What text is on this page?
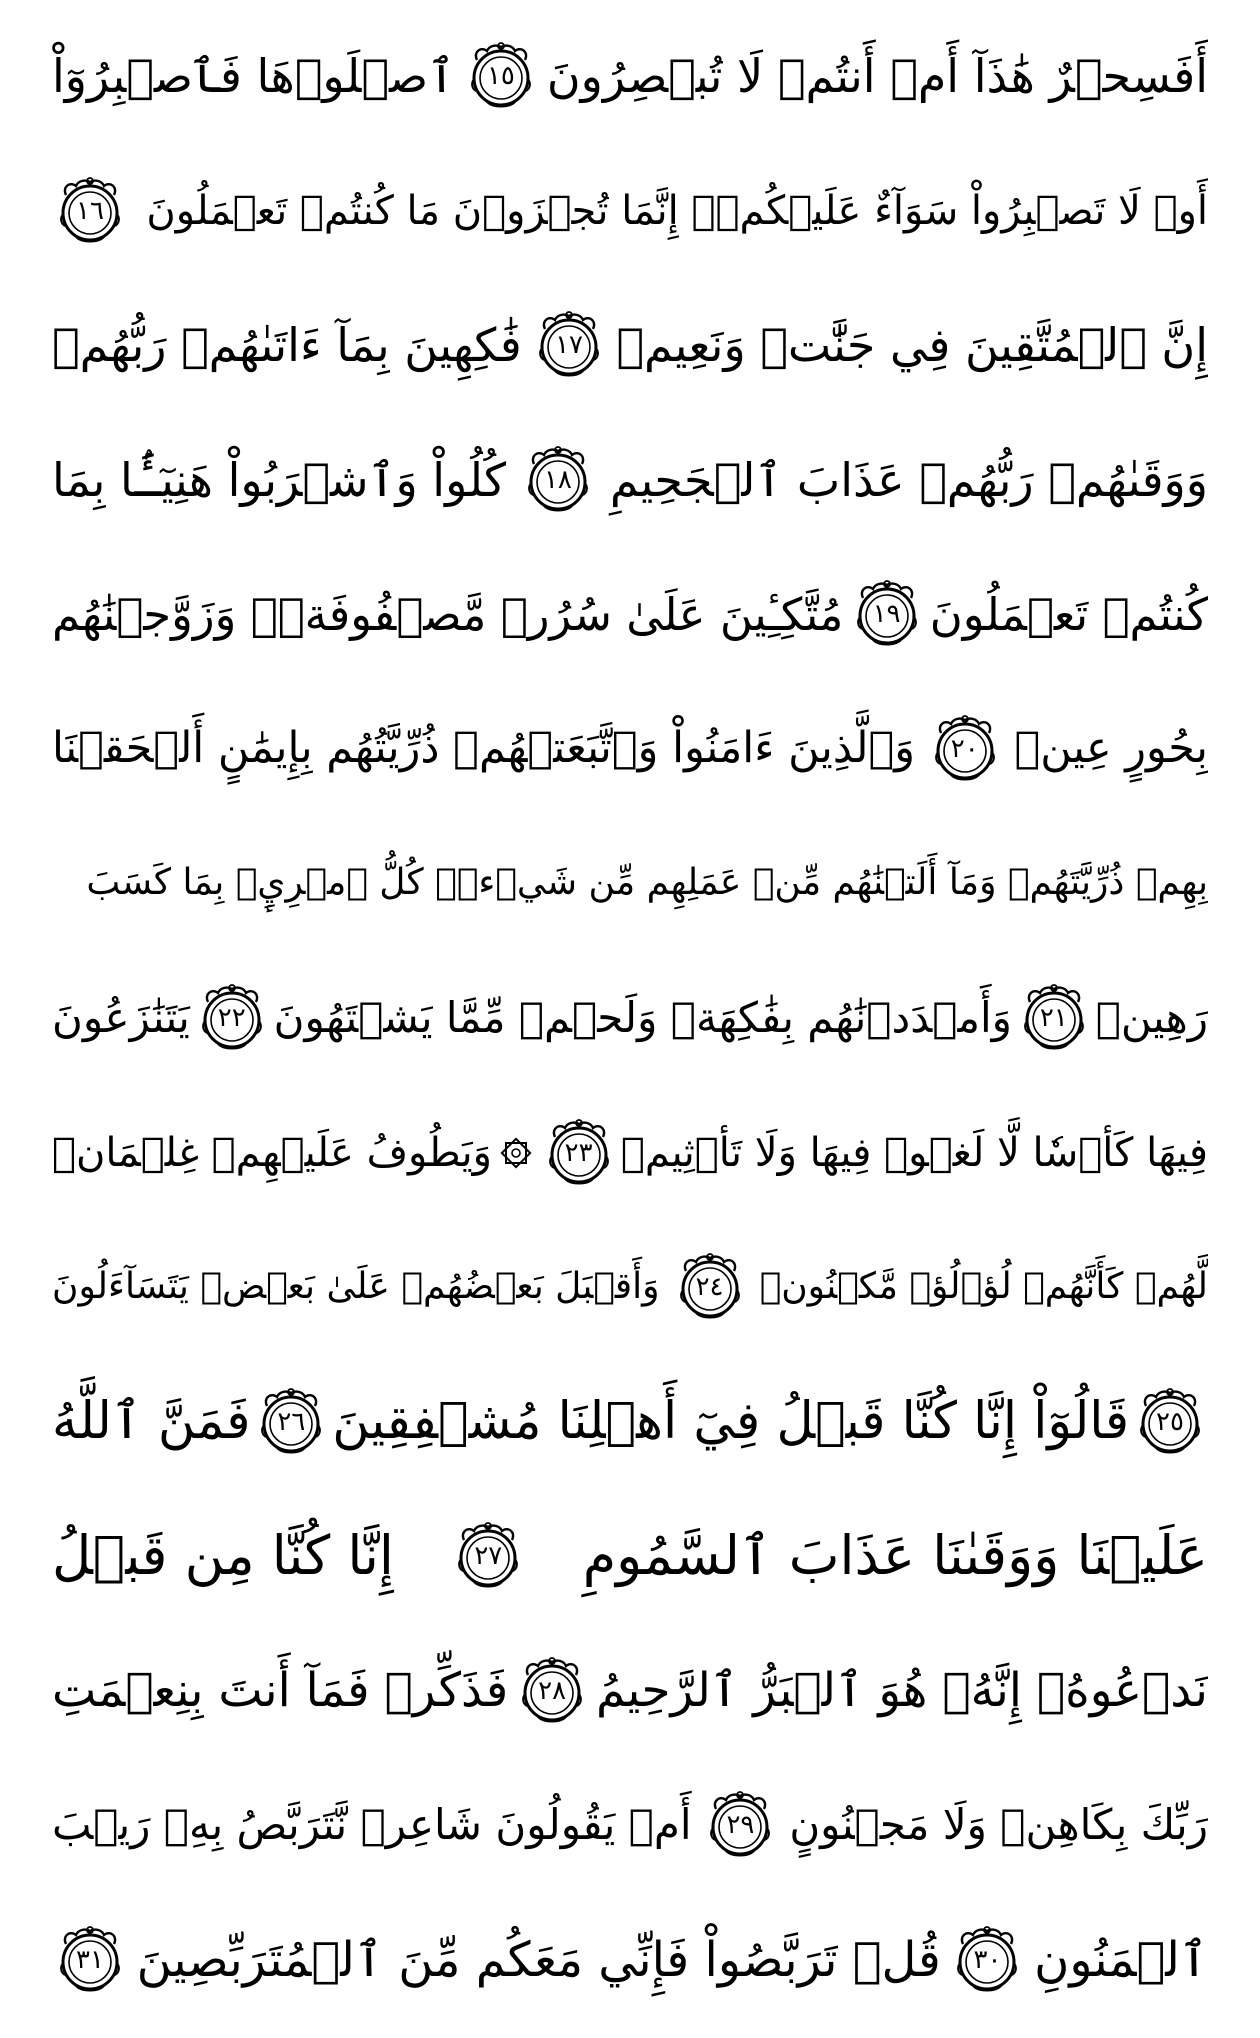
أَفَسِحۡرٌ هَٰذَآ أَمۡ أَنتُمۡ لَا تُبۡصِرُونَ
١٥
ٱصۡلَوۡهَا فَٱصۡبِرُوٓاْ
أَوۡ لَا تَصۡبِرُواْ سَوَآءٌ عَلَيۡكُمۡۖ إِنَّمَا تُجۡزَوۡنَ مَا كُنتُمۡ تَعۡمَلُونَ
١٦
إِنَّ ٱلۡمُتَّقِينَ فِي جَنَّٰتٖ وَنَعِيمٖ
١٧
فَٰكِهِينَ بِمَآ ءَاتَىٰهُمۡ رَبُّهُمۡ
وَوَقَىٰهُمۡ رَبُّهُمۡ عَذَابَ ٱلۡجَحِيمِ
١٨
كُلُواْ وَٱشۡرَبُواْ هَنِيٓـَٔۢا بِمَا
كُنتُمۡ تَعۡمَلُونَ
١٩
مُتَّكِـِٔينَ عَلَىٰ سُرُرٖ مَّصۡفُوفَةٖۖ وَزَوَّجۡنَٰهُم
بِحُورٍ عِينٖ
٢٠
وَٱلَّذِينَ ءَامَنُواْ وَٱتَّبَعَتۡهُمۡ ذُرِّيَّتُهُم بِإِيمَٰنٍ أَلۡحَقۡنَا
بِهِمۡ ذُرِّيَّتَهُمۡ وَمَآ أَلَتۡنَٰهُم مِّنۡ عَمَلِهِم مِّن شَيۡءٖۚ كُلُّ ٱمۡرِيِٕۭ بِمَا كَسَبَ
رَهِينٞ
٢١
وَأَمۡدَدۡنَٰهُم بِفَٰكِهَةٖ وَلَحۡمٖ مِّمَّا يَشۡتَهُونَ
٢٢
يَتَنَٰزَعُونَ
فِيهَا كَأۡسٗا لَّا لَغۡوٞ فِيهَا وَلَا تَأۡثِيمٞ
٢٣
وَيَطُوفُ عَلَيۡهِمۡ غِلۡمَانٞ
لَّهُمۡ كَأَنَّهُمۡ لُؤۡلُؤٞ مَّكۡنُونٞ
٢٤
وَأَقۡبَلَ بَعۡضُهُمۡ عَلَىٰ بَعۡضٖ يَتَسَآءَلُونَ
٢٥
قَالُوٓاْ إِنَّا كُنَّا قَبۡلُ فِيٓ أَهۡلِنَا مُشۡفِقِينَ
٢٦
فَمَنَّ ٱللَّهُ
عَلَيۡنَا وَوَقَىٰنَا عَذَابَ ٱلسَّمُومِ
٢٧
إِنَّا كُنَّا مِن قَبۡلُ
نَدۡعُوهُۖ إِنَّهُۥ هُوَ ٱلۡبَرُّ ٱلرَّحِيمُ
٢٨
فَذَكِّرۡ فَمَآ أَنتَ بِنِعۡمَتِ
رَبِّكَ بِكَاهِنٖ وَلَا مَجۡنُونٍ
٢٩
أَمۡ يَقُولُونَ شَاعِرٞ نَّتَرَبَّصُ بِهِۦ رَيۡبَ
ٱلۡمَنُونِ
٣٠
قُلۡ تَرَبَّصُواْ فَإِنِّي مَعَكُم مِّنَ ٱلۡمُتَرَبِّصِينَ
٣١
